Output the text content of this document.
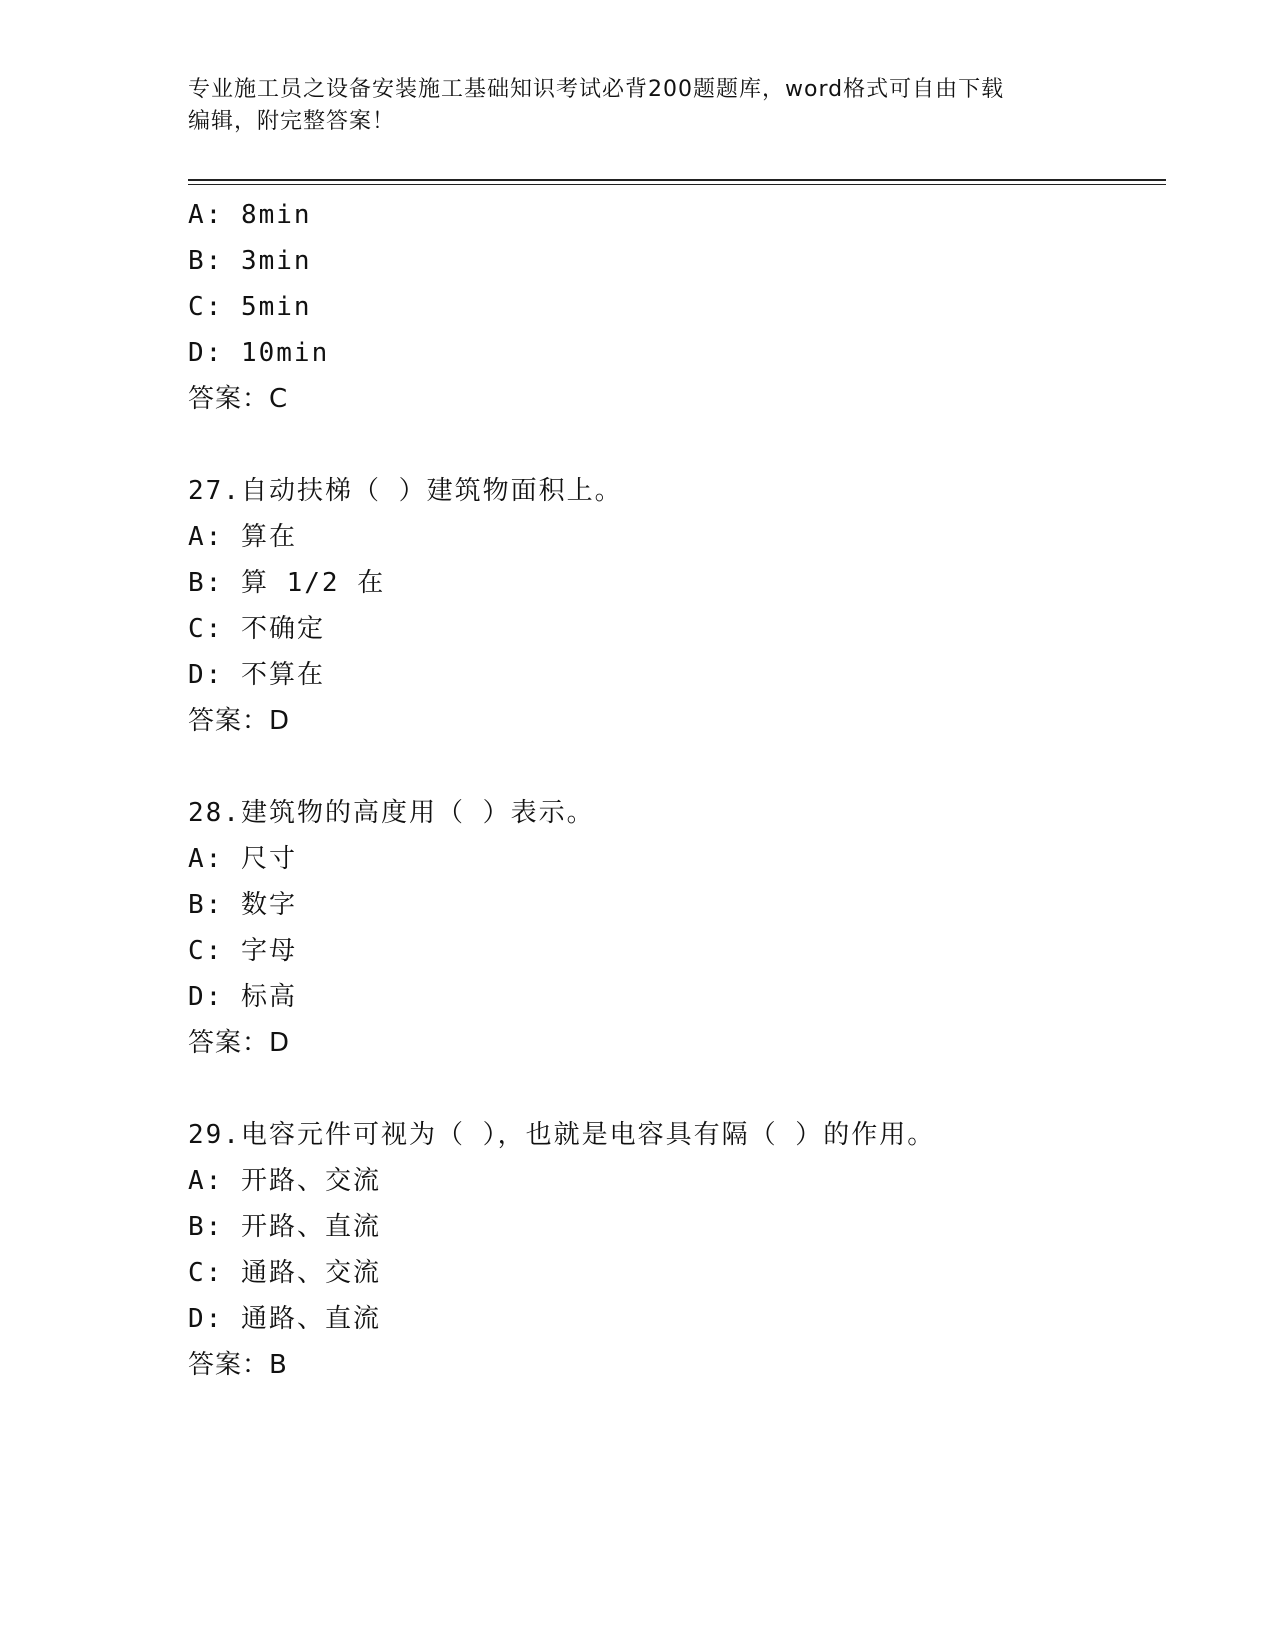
专业施工员之设备安装施工基础知识考试必背200题题库，word格式可自由下载
编辑，附完整答案！
A: 8min
B: 3min
C: 5min
D: 10min
答案：C
27.自动扶梯（ ）建筑物面积上。
A: 算在
B: 算 1/2 在
C: 不确定
D: 不算在
答案：D
28.建筑物的高度用（ ）表示。
A: 尺寸
B: 数字
C: 字母
D: 标高
答案：D
29.电容元件可视为（ ），也就是电容具有隔（ ）的作用。
A: 开路、交流
B: 开路、直流
C: 通路、交流
D: 通路、直流
答案：B
